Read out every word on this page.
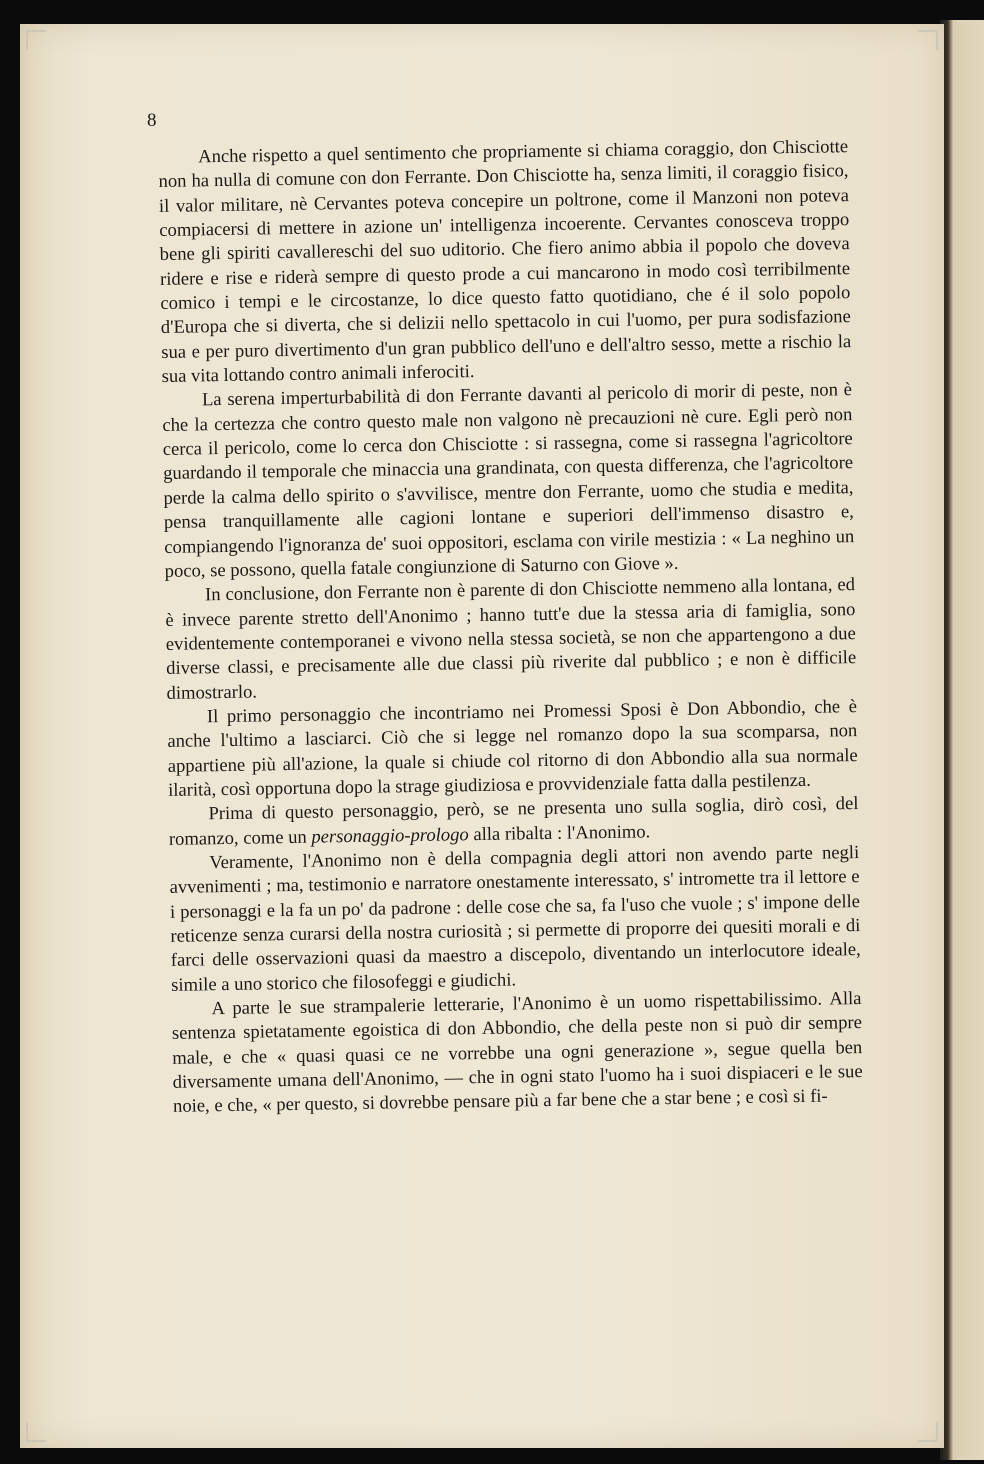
8

Anche rispetto a quel sentimento che propriamente si chiama coraggio, don Chisciotte non ha nulla di comune con don Ferrante. Don Chisciotte ha, senza limiti, il coraggio fisico, il valor militare, nè Cervantes poteva concepire un poltrone, come il Manzoni non poteva compiacersi di mettere in azione un' intelligenza incoerente. Cervantes conosceva troppo bene gli spiriti cavallereschi del suo uditorio. Che fiero animo abbia il popolo che doveva ridere e rise e riderà sempre di questo prode a cui mancarono in modo così terribilmente comico i tempi e le circostanze, lo dice questo fatto quotidiano, che é il solo popolo d'Europa che si diverta, che si delizii nello spettacolo in cui l'uomo, per pura sodisfazione sua e per puro divertimento d'un gran pubblico dell'uno e dell'altro sesso, mette a rischio la sua vita lottando contro animali inferociti.

La serena imperturbabilità di don Ferrante davanti al pericolo di morir di peste, non è che la certezza che contro questo male non valgono nè precauzioni nè cure. Egli però non cerca il pericolo, come lo cerca don Chisciotte : si rassegna, come si rassegna l'agricoltore guardando il temporale che minaccia una grandinata, con questa differenza, che l'agricoltore perde la calma dello spirito o s'avvilisce, mentre don Ferrante, uomo che studia e medita, pensa tranquillamente alle cagioni lontane e superiori dell'immenso disastro e, compiangendo l'ignoranza de' suoi oppositori, esclama con virile mestizia : « La neghino un poco, se possono, quella fatale congiunzione di Saturno con Giove ».

In conclusione, don Ferrante non è parente di don Chisciotte nemmeno alla lontana, ed è invece parente stretto dell'Anonimo ; hanno tutt'e due la stessa aria di famiglia, sono evidentemente contemporanei e vivono nella stessa società, se non che appartengono a due diverse classi, e precisamente alle due classi più riverite dal pubblico ; e non è difficile dimostrarlo.

Il primo personaggio che incontriamo nei Promessi Sposi è Don Abbondio, che è anche l'ultimo a lasciarci. Ciò che si legge nel romanzo dopo la sua scomparsa, non appartiene più all'azione, la quale si chiude col ritorno di don Abbondio alla sua normale ilarità, così opportuna dopo la strage giudiziosa e provvidenziale fatta dalla pestilenza.

Prima di questo personaggio, però, se ne presenta uno sulla soglia, dirò così, del romanzo, come un personaggio-prologo alla ribalta : l'Anonimo.

Veramente, l'Anonimo non è della compagnia degli attori non avendo parte negli avvenimenti ; ma, testimonio e narratore onestamente interessato, s' intromette tra il lettore e i personaggi e la fa un po' da padrone : delle cose che sa, fa l'uso che vuole ; s' impone delle reticenze senza curarsi della nostra curiosità ; si permette di proporre dei quesiti morali e di farci delle osservazioni quasi da maestro a discepolo, diventando un interlocutore ideale, simile a uno storico che filosofeggi e giudichi.

A parte le sue strampalerie letterarie, l'Anonimo è un uomo rispettabilissimo. Alla sentenza spietatamente egoistica di don Abbondio, che della peste non si può dir sempre male, e che « quasi quasi ce ne vorrebbe una ogni generazione », segue quella ben diversamente umana dell'Anonimo, — che in ogni stato l'uomo ha i suoi dispiaceri e le sue noie, e che, « per questo, si dovrebbe pensare più a far bene che a star bene ; e così si fi-
